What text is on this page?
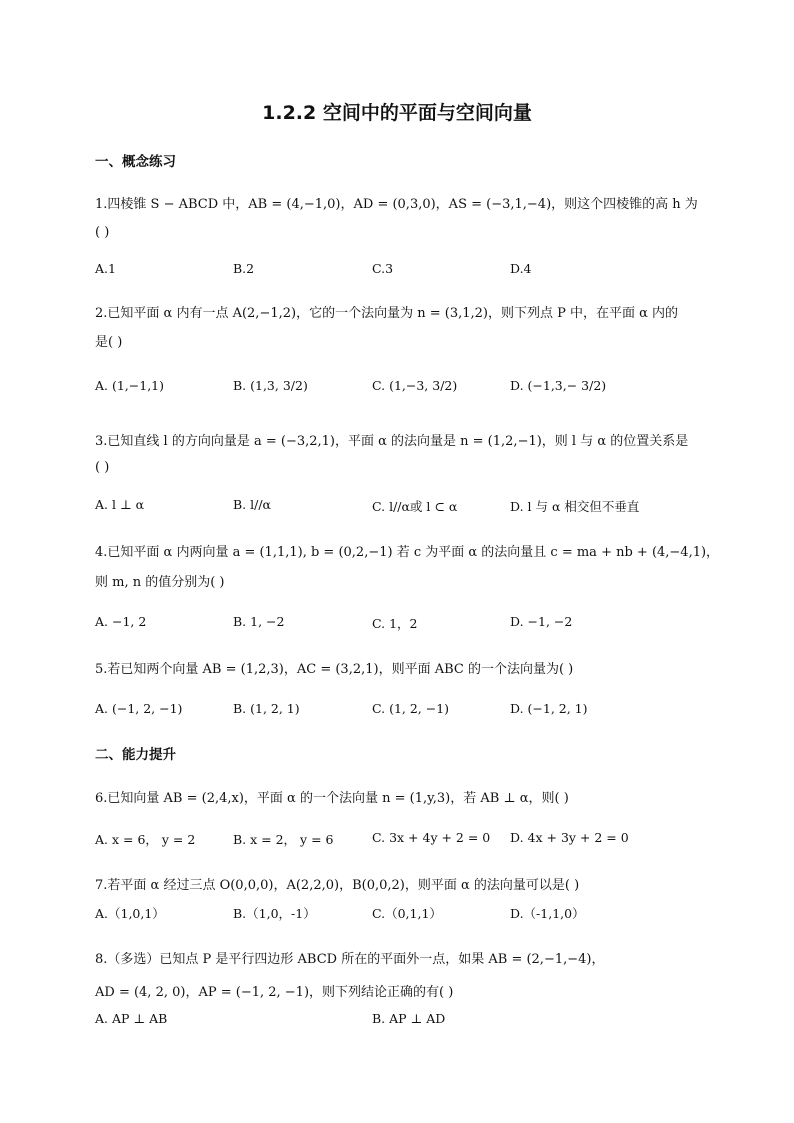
1.2.2 空间中的平面与空间向量
一、概念练习
1.四棱锥 S − ABCD 中，AB = (4,−1,0)，AD = (0,3,0)，AS = (−3,1,−4)，则这个四棱锥的高 h 为
( )
A.1	B.2	C.3	D.4
2.已知平面 α 内有一点 A(2,−1,2)，它的一个法向量为 n = (3,1,2)，则下列点 P 中，在平面 α 内的
是( )
A. (1,−1,1)	B. (1,3, 3/2)	C. (1,−3, 3/2)	D. (−1,3,− 3/2)
3.已知直线 l 的方向向量是 a = (−3,2,1)，平面 α 的法向量是 n = (1,2,−1)，则 l 与 α 的位置关系是
( )
A. l ⊥ α	B. l//α	C. l//α或 l ⊂ α	D. l 与 α 相交但不垂直
4.已知平面 α 内两向量 a = (1,1,1), b = (0,2,−1) 若 c 为平面 α 的法向量且 c = ma + nb + (4,−4,1)，
则 m, n 的值分别为( )
A. −1, 2	B. 1, −2	C. 1，2	D. −1, −2
5.若已知两个向量 AB = (1,2,3)，AC = (3,2,1)，则平面 ABC 的一个法向量为( )
A. (−1, 2, −1)	B. (1, 2, 1)	C. (1, 2, −1)	D. (−1, 2, 1)
二、能力提升
6.已知向量 AB = (2,4,x)，平面 α 的一个法向量 n = (1,y,3)，若 AB ⊥ α，则( )
A. x = 6， y = 2	B. x = 2， y = 6	C. 3x + 4y + 2 = 0 D. 4x + 3y + 2 = 0
7.若平面 α 经过三点 O(0,0,0)，A(2,2,0)，B(0,0,2)，则平面 α 的法向量可以是( )
A.（1,0,1）	B.（1,0，-1）	C.（0,1,1）	D.（-1,1,0）
8.（多选）已知点 P 是平行四边形 ABCD 所在的平面外一点，如果 AB = (2,−1,−4)，
AD = (4, 2, 0)，AP = (−1, 2, −1)，则下列结论正确的有( )
A. AP ⊥ AB	B. AP ⊥ AD
